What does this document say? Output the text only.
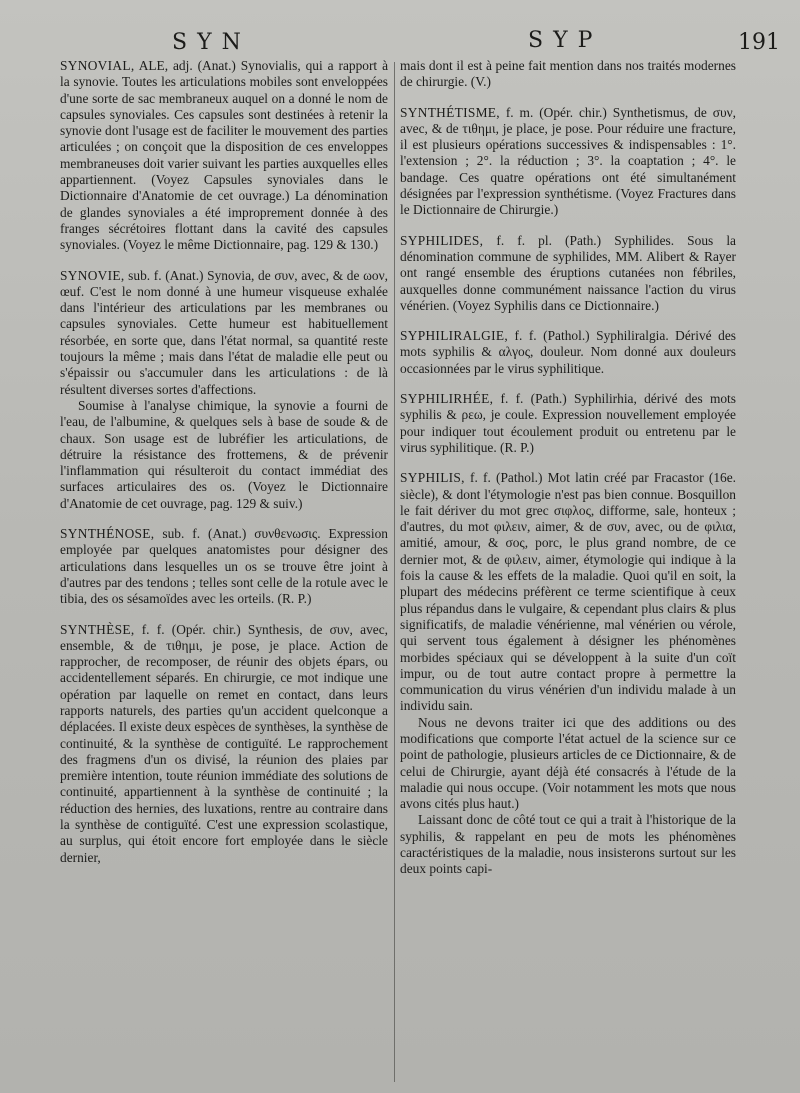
SYN	SYP	191

SYNOVIAL, ALE, adj. (Anat.) Synovialis, qui a rapport à la synovie. Toutes les articulations mobiles sont enveloppées d'une sorte de sac membraneux auquel on a donné le nom de capsules synoviales. Ces capsules sont destinées à retenir la synovie dont l'usage est de faciliter le mouvement des parties articulées ; on conçoit que la disposition de ces enveloppes membraneuses doit varier suivant les parties auxquelles elles appartiennent. (Voyez Capsules synoviales dans le Dictionnaire d'Anatomie de cet ouvrage.) La dénomination de glandes synoviales a été improprement donnée à des franges sécrétoires flottant dans la cavité des capsules synoviales. (Voyez le même Dictionnaire, pag. 129 & 130.)

SYNOVIE, sub. f. (Anat.) Synovia, de συν, avec, & de ωον, œuf. C'est le nom donné à une humeur visqueuse exhalée dans l'intérieur des articulations par les membranes ou capsules synoviales. Cette humeur est habituellement résorbée, en sorte que, dans l'état normal, sa quantité reste toujours la même ; mais dans l'état de maladie elle peut ou s'épaissir ou s'accumuler dans les articulations : de là résultent diverses sortes d'affections.

Soumise à l'analyse chimique, la synovie a fourni de l'eau, de l'albumine, & quelques sels à base de soude & de chaux. Son usage est de lubréfier les articulations, de détruire la résistance des frottemens, & de prévenir l'inflammation qui résulteroit du contact immédiat des surfaces articulaires des os. (Voyez le Dictionnaire d'Anatomie de cet ouvrage, pag. 129 & suiv.)

SYNTHÉNOSE, sub. f. (Anat.) συνθενωσις. Expression employée par quelques anatomistes pour désigner des articulations dans lesquelles un os se trouve être joint à d'autres par des tendons ; telles sont celle de la rotule avec le tibia, des os sésamoïdes avec les orteils. (R. P.)

SYNTHÈSE, f. f. (Opér. chir.) Synthesis, de συν, avec, ensemble, & de τιθημι, je pose, je place. Action de rapprocher, de recomposer, de réunir des objets épars, ou accidentellement séparés. En chirurgie, ce mot indique une opération par laquelle on remet en contact, dans leurs rapports naturels, des parties qu'un accident quelconque a déplacées. Il existe deux espèces de synthèses, la synthèse de continuité, & la synthèse de contiguïté. Le rapprochement des fragmens d'un os divisé, la réunion des plaies par première intention, toute réunion immédiate des solutions de continuité, appartiennent à la synthèse de continuité ; la réduction des hernies, des luxations, rentre au contraire dans la synthèse de contiguïté. C'est une expression scolastique, au surplus, qui étoit encore fort employée dans le siècle dernier,

mais dont il est à peine fait mention dans nos traités modernes de chirurgie. (V.)

SYNTHÉTISME, f. m. (Opér. chir.) Synthetismus, de συν, avec, & de τιθημι, je place, je pose. Pour réduire une fracture, il est plusieurs opérations successives & indispensables : 1°. l'extension ; 2°. la réduction ; 3°. la coaptation ; 4°. le bandage. Ces quatre opérations ont été simultanément désignées par l'expression synthétisme. (Voyez Fractures dans le Dictionnaire de Chirurgie.)

SYPHILIDES, f. f. pl. (Path.) Syphilides. Sous la dénomination commune de syphilides, MM. Alibert & Rayer ont rangé ensemble des éruptions cutanées non fébriles, auxquelles donne communément naissance l'action du virus vénérien. (Voyez Syphilis dans ce Dictionnaire.)

SYPHILIRALGIE, f. f. (Pathol.) Syphiliralgia. Dérivé des mots syphilis & αλγος, douleur. Nom donné aux douleurs occasionnées par le virus syphilitique.

SYPHILIRHÉE, f. f. (Path.) Syphilirhia, dérivé des mots syphilis & ρεω, je coule. Expression nouvellement employée pour indiquer tout écoulement produit ou entretenu par le virus syphilitique. (R. P.)

SYPHILIS, f. f. (Pathol.) Mot latin créé par Fracastor (16e. siècle), & dont l'étymologie n'est pas bien connue. Bosquillon le fait dériver du mot grec σιφλος, difforme, sale, honteux ; d'autres, du mot φιλειν, aimer, & de συν, avec, ou de φιλια, amitié, amour, & σος, porc, le plus grand nombre, de ce dernier mot, & de φιλειν, aimer, étymologie qui indique à la fois la cause & les effets de la maladie. Quoi qu'il en soit, la plupart des médecins préfèrent ce terme scientifique à ceux plus répandus dans le vulgaire, & cependant plus clairs & plus significatifs, de maladie vénérienne, mal vénérien ou vérole, qui servent tous également à désigner les phénomènes morbides spéciaux qui se développent à la suite d'un coït impur, ou de tout autre contact propre à permettre la communication du virus vénérien d'un individu malade à un individu sain.

Nous ne devons traiter ici que des additions ou des modifications que comporte l'état actuel de la science sur ce point de pathologie, plusieurs articles de ce Dictionnaire, & de celui de Chirurgie, ayant déjà été consacrés à l'étude de la maladie qui nous occupe. (Voir notamment les mots que nous avons cités plus haut.)

Laissant donc de côté tout ce qui a trait à l'historique de la syphilis, & rappelant en peu de mots les phénomènes caractéristiques de la maladie, nous insisterons surtout sur les deux points capi-
